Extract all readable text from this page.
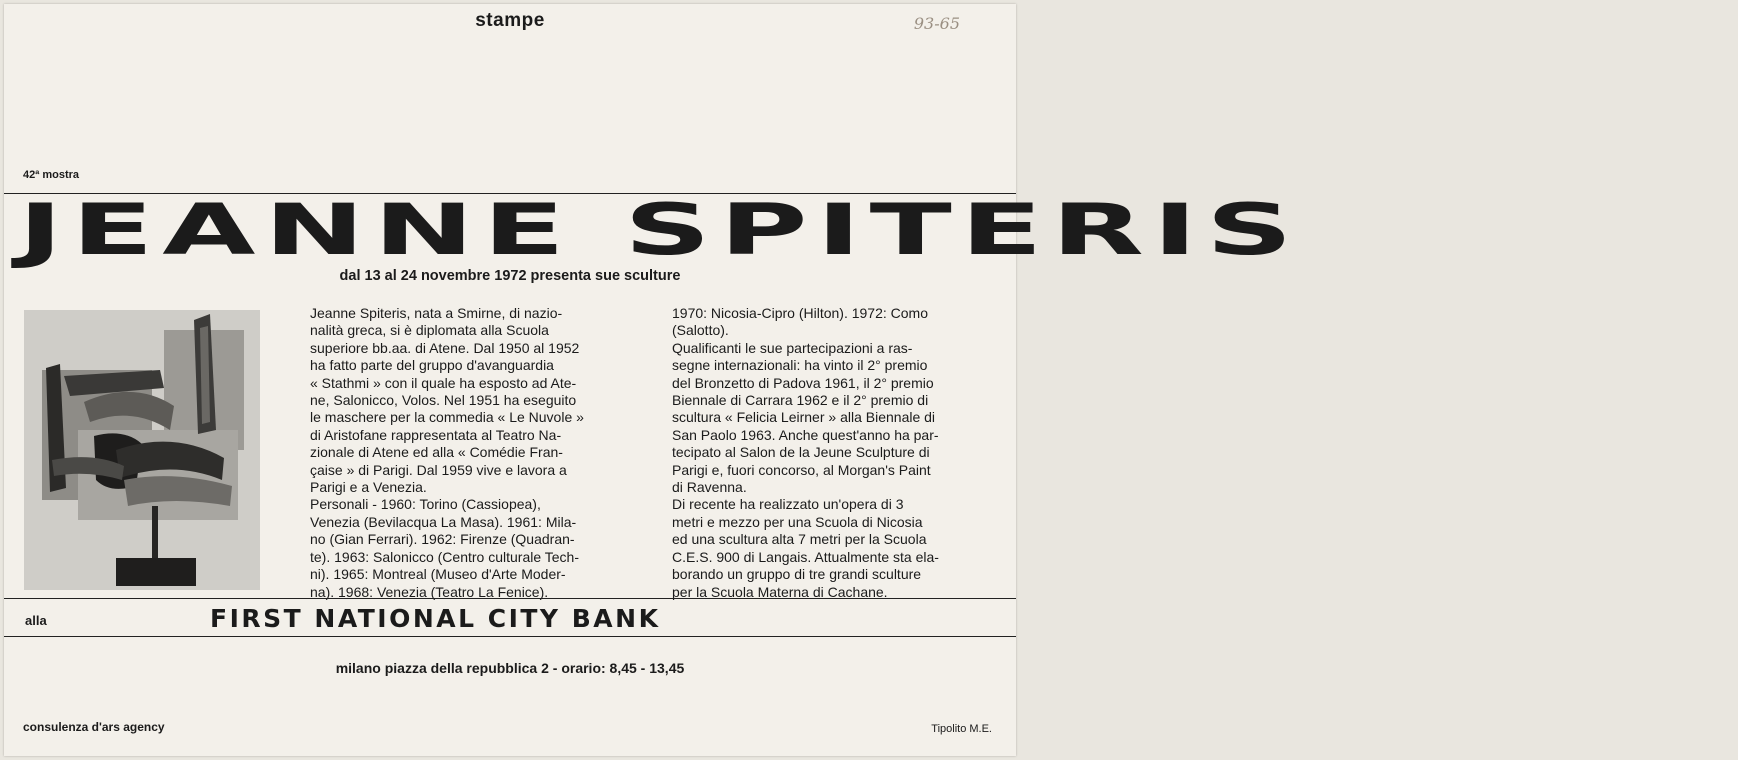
stampe	93-65
42ª mostra
JEANNE SPITERIS
dal 13 al 24 novembre 1972 presenta sue sculture
Jeanne Spiteris, nata a Smirne, di nazio-
nalità greca, si è diplomata alla Scuola
superiore bb.aa. di Atene. Dal 1950 al 1952
ha fatto parte del gruppo d'avanguardia
« Stathmi » con il quale ha esposto ad Ate-
ne, Salonicco, Volos. Nel 1951 ha eseguito
le maschere per la commedia « Le Nuvole »
di Aristofane rappresentata al Teatro Na-
zionale di Atene ed alla « Comédie Fran-
çaise » di Parigi. Dal 1959 vive e lavora a
Parigi e a Venezia.
Personali - 1960: Torino (Cassiopea),
Venezia (Bevilacqua La Masa). 1961: Mila-
no (Gian Ferrari). 1962: Firenze (Quadran-
te). 1963: Salonicco (Centro culturale Tech-
ni). 1965: Montreal (Museo d'Arte Moder-
na). 1968: Venezia (Teatro La Fenice).
1970: Nicosia-Cipro (Hilton). 1972: Como
(Salotto).
Qualificanti le sue partecipazioni a ras-
segne internazionali: ha vinto il 2° premio
del Bronzetto di Padova 1961, il 2° premio
Biennale di Carrara 1962 e il 2° premio di
scultura « Felicia Leirner » alla Biennale di
San Paolo 1963. Anche quest'anno ha par-
tecipato al Salon de la Jeune Sculpture di
Parigi e, fuori concorso, al Morgan's Paint
di Ravenna.
Di recente ha realizzato un'opera di 3
metri e mezzo per una Scuola di Nicosia
ed una scultura alta 7 metri per la Scuola
C.E.S. 900 di Langais. Attualmente sta ela-
borando un gruppo di tre grandi sculture
per la Scuola Materna di Cachane.
alla	FIRST NATIONAL CITY BANK
milano piazza della repubblica 2 - orario: 8,45 - 13,45
consulenza d'ars agency	Tipolito M.E.
